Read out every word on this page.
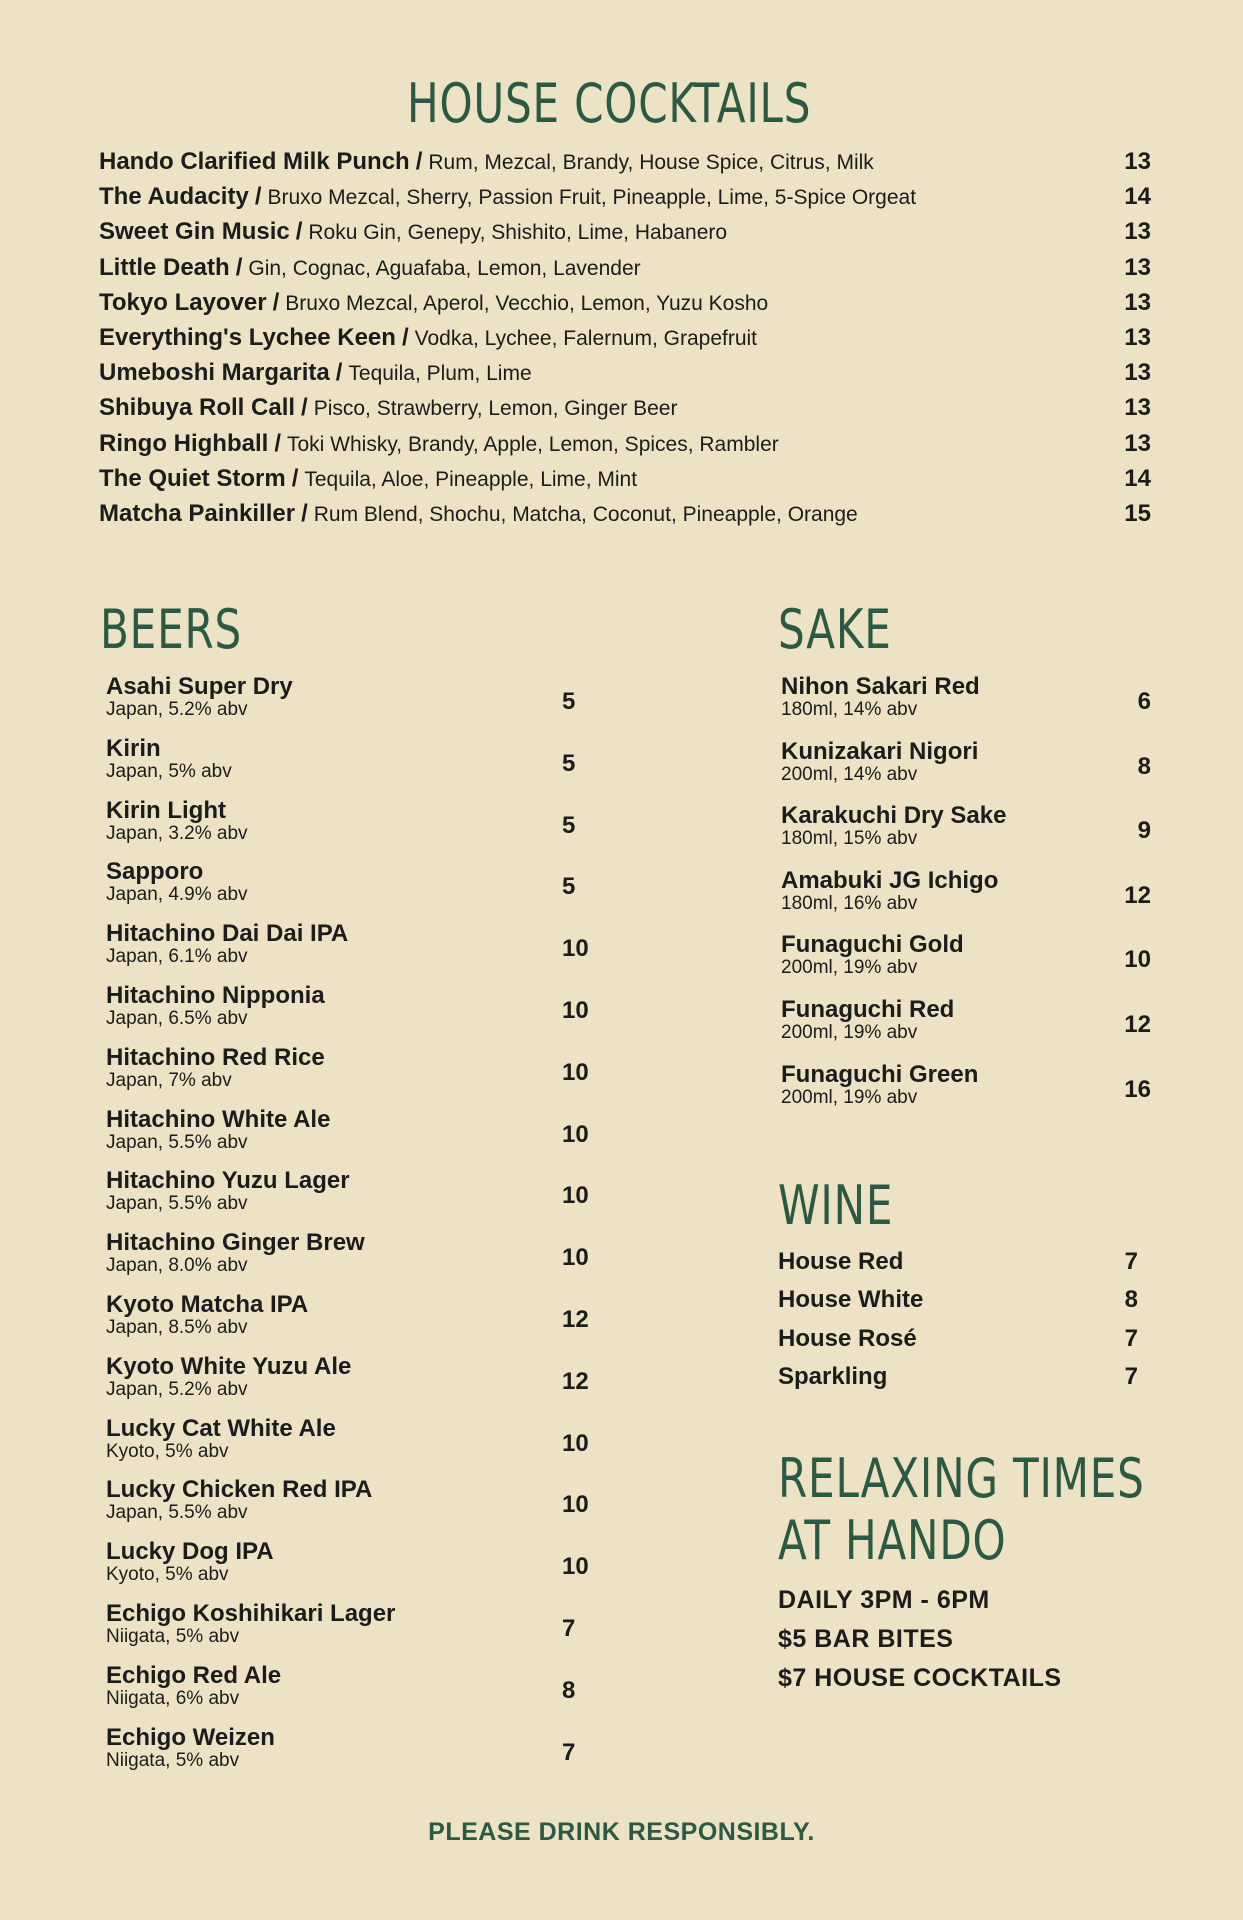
HOUSE COCKTAILS
Hando Clarified Milk Punch / Rum, Mezcal, Brandy, House Spice, Citrus, Milk	13
The Audacity / Bruxo Mezcal, Sherry, Passion Fruit, Pineapple, Lime, 5-Spice Orgeat	14
Sweet Gin Music / Roku Gin, Genepy, Shishito, Lime, Habanero	13
Little Death / Gin, Cognac, Aguafaba, Lemon, Lavender	13
Tokyo Layover / Bruxo Mezcal, Aperol, Vecchio, Lemon, Yuzu Kosho	13
Everything's Lychee Keen / Vodka, Lychee, Falernum, Grapefruit	13
Umeboshi Margarita / Tequila, Plum, Lime	13
Shibuya Roll Call / Pisco, Strawberry, Lemon, Ginger Beer	13
Ringo Highball / Toki Whisky, Brandy, Apple, Lemon, Spices, Rambler	13
The Quiet Storm / Tequila, Aloe, Pineapple, Lime, Mint	14
Matcha Painkiller / Rum Blend, Shochu, Matcha, Coconut, Pineapple, Orange	15
BEERS
Asahi Super Dry
Japan, 5.2% abv	5
Kirin
Japan, 5% abv	5
Kirin Light
Japan, 3.2% abv	5
Sapporo
Japan, 4.9% abv	5
Hitachino Dai Dai IPA
Japan, 6.1% abv	10
Hitachino Nipponia
Japan, 6.5% abv	10
Hitachino Red Rice
Japan, 7% abv	10
Hitachino White Ale
Japan, 5.5% abv	10
Hitachino Yuzu Lager
Japan, 5.5% abv	10
Hitachino Ginger Brew
Japan, 8.0% abv	10
Kyoto Matcha IPA
Japan, 8.5% abv	12
Kyoto White Yuzu Ale
Japan, 5.2% abv	12
Lucky Cat White Ale
Kyoto, 5% abv	10
Lucky Chicken Red IPA
Japan, 5.5% abv	10
Lucky Dog IPA
Kyoto, 5% abv	10
Echigo Koshihikari Lager
Niigata, 5% abv	7
Echigo Red Ale
Niigata, 6% abv	8
Echigo Weizen
Niigata, 5% abv	7
SAKE
Nihon Sakari Red
180ml, 14% abv	6
Kunizakari Nigori
200ml, 14% abv	8
Karakuchi Dry Sake
180ml, 15% abv	9
Amabuki JG Ichigo
180ml, 16% abv	12
Funaguchi Gold
200ml, 19% abv	10
Funaguchi Red
200ml, 19% abv	12
Funaguchi Green
200ml, 19% abv	16
WINE
House Red	7
House White	8
House Rosé	7
Sparkling	7
RELAXING TIMES
AT HANDO
DAILY 3PM - 6PM
$5 BAR BITES
$7 HOUSE COCKTAILS
PLEASE DRINK RESPONSIBLY.
